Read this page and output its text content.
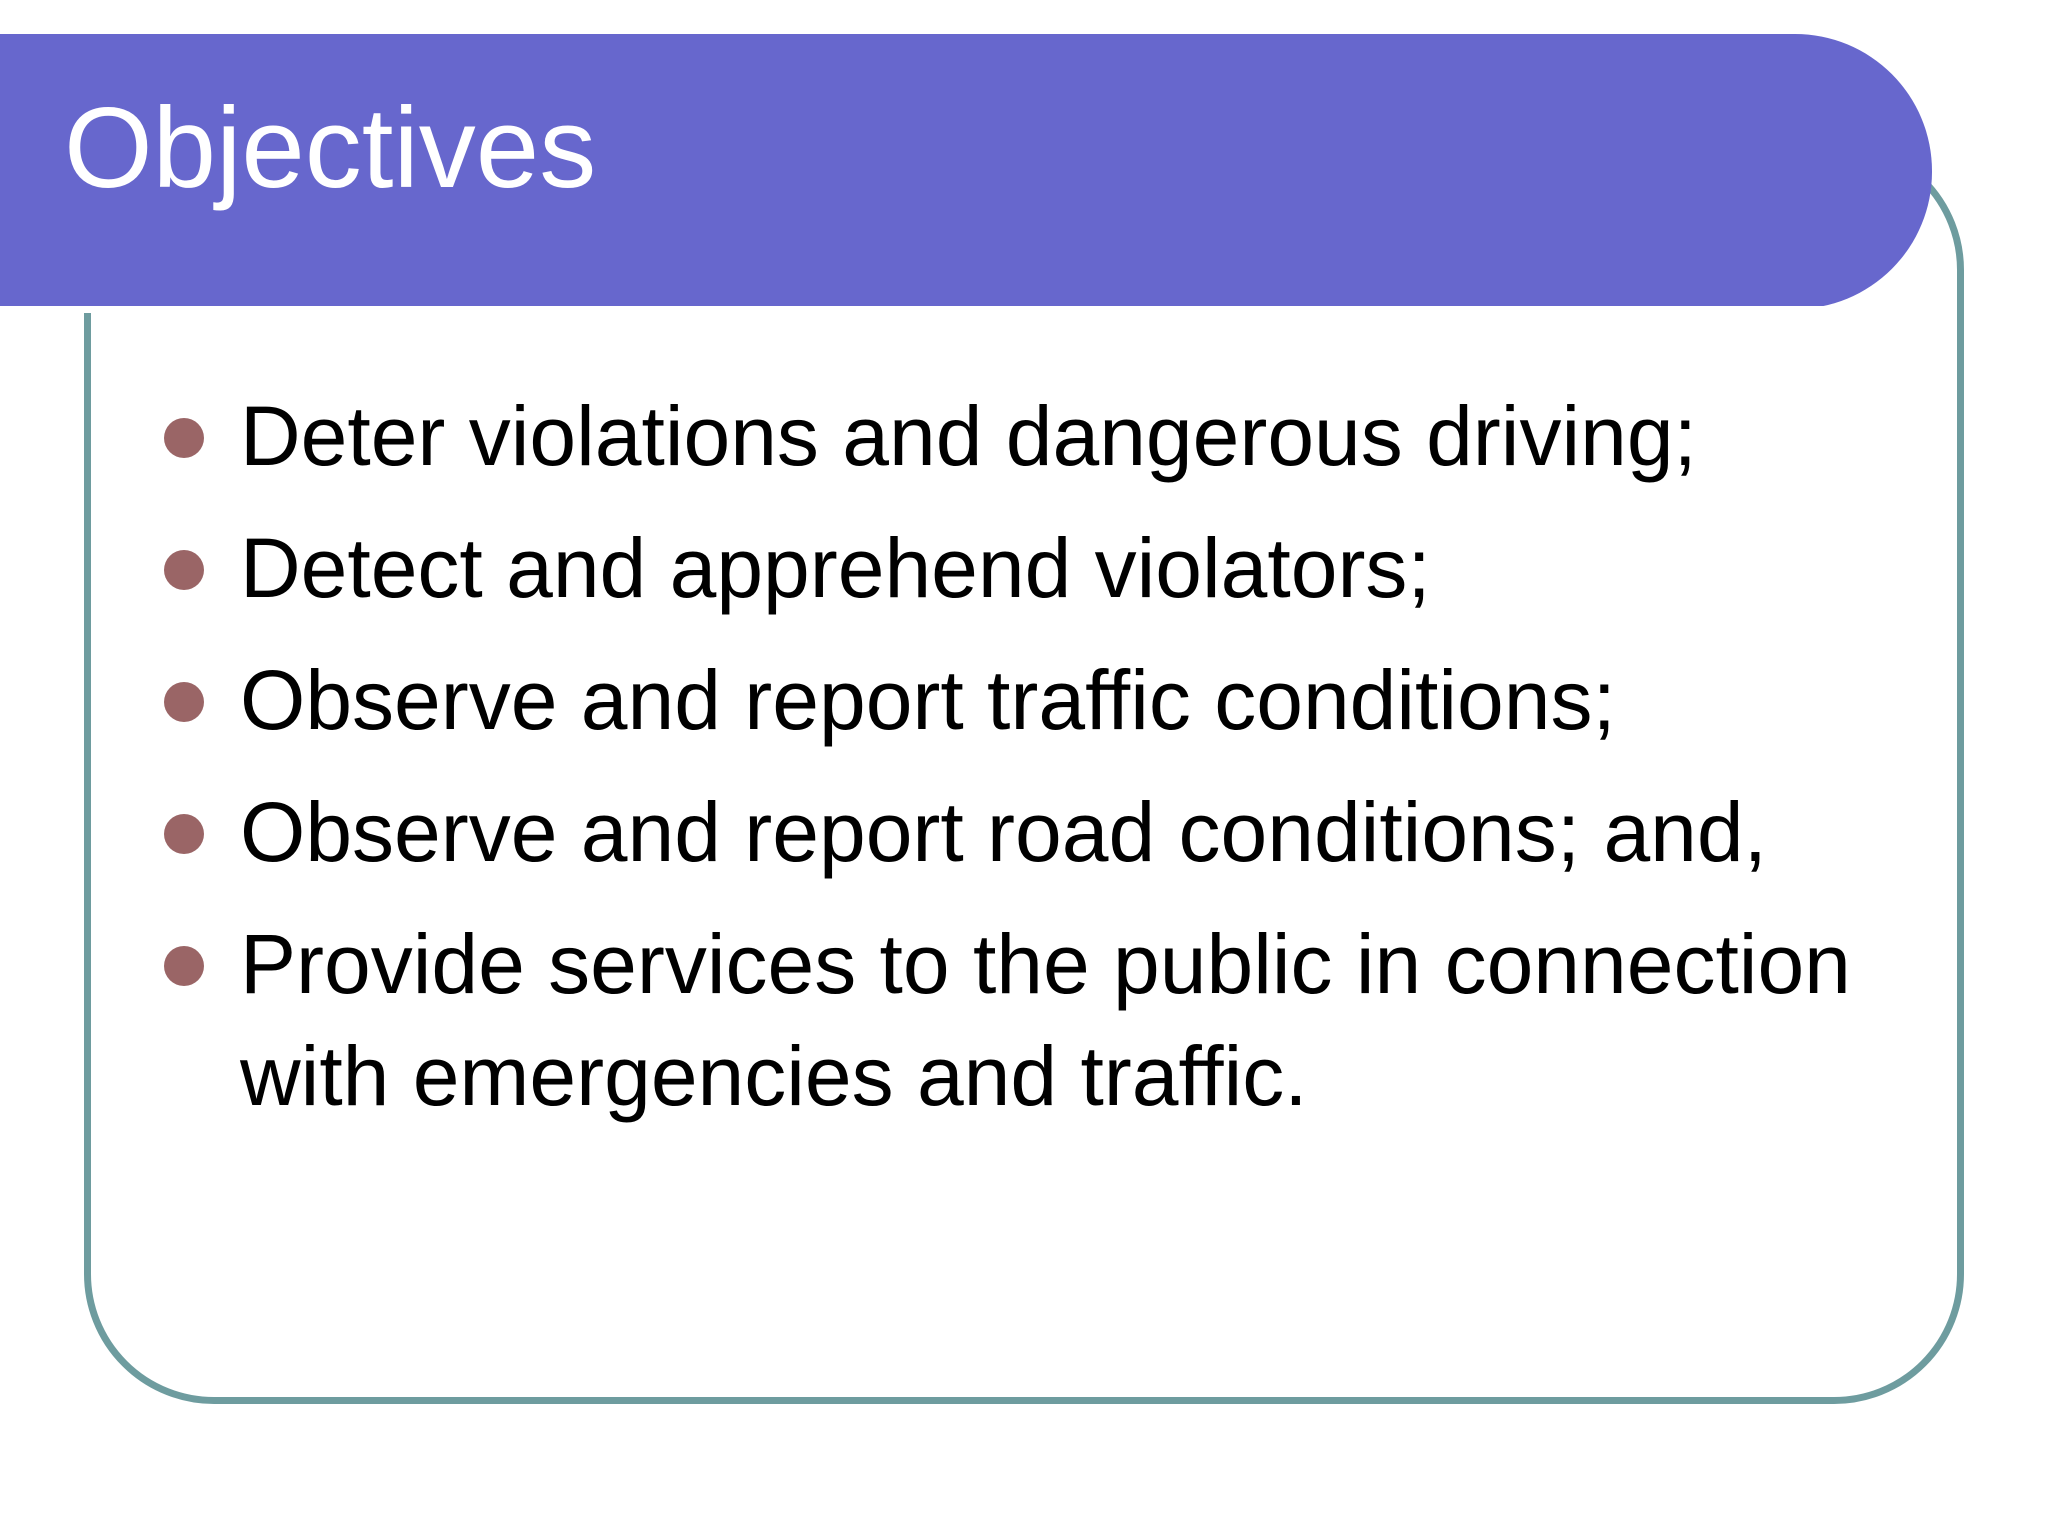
Objectives
Deter violations and dangerous driving;
Detect and apprehend violators;
Observe and report traffic conditions;
Observe and report road conditions; and,
Provide services to the public in connection with emergencies and traffic.
